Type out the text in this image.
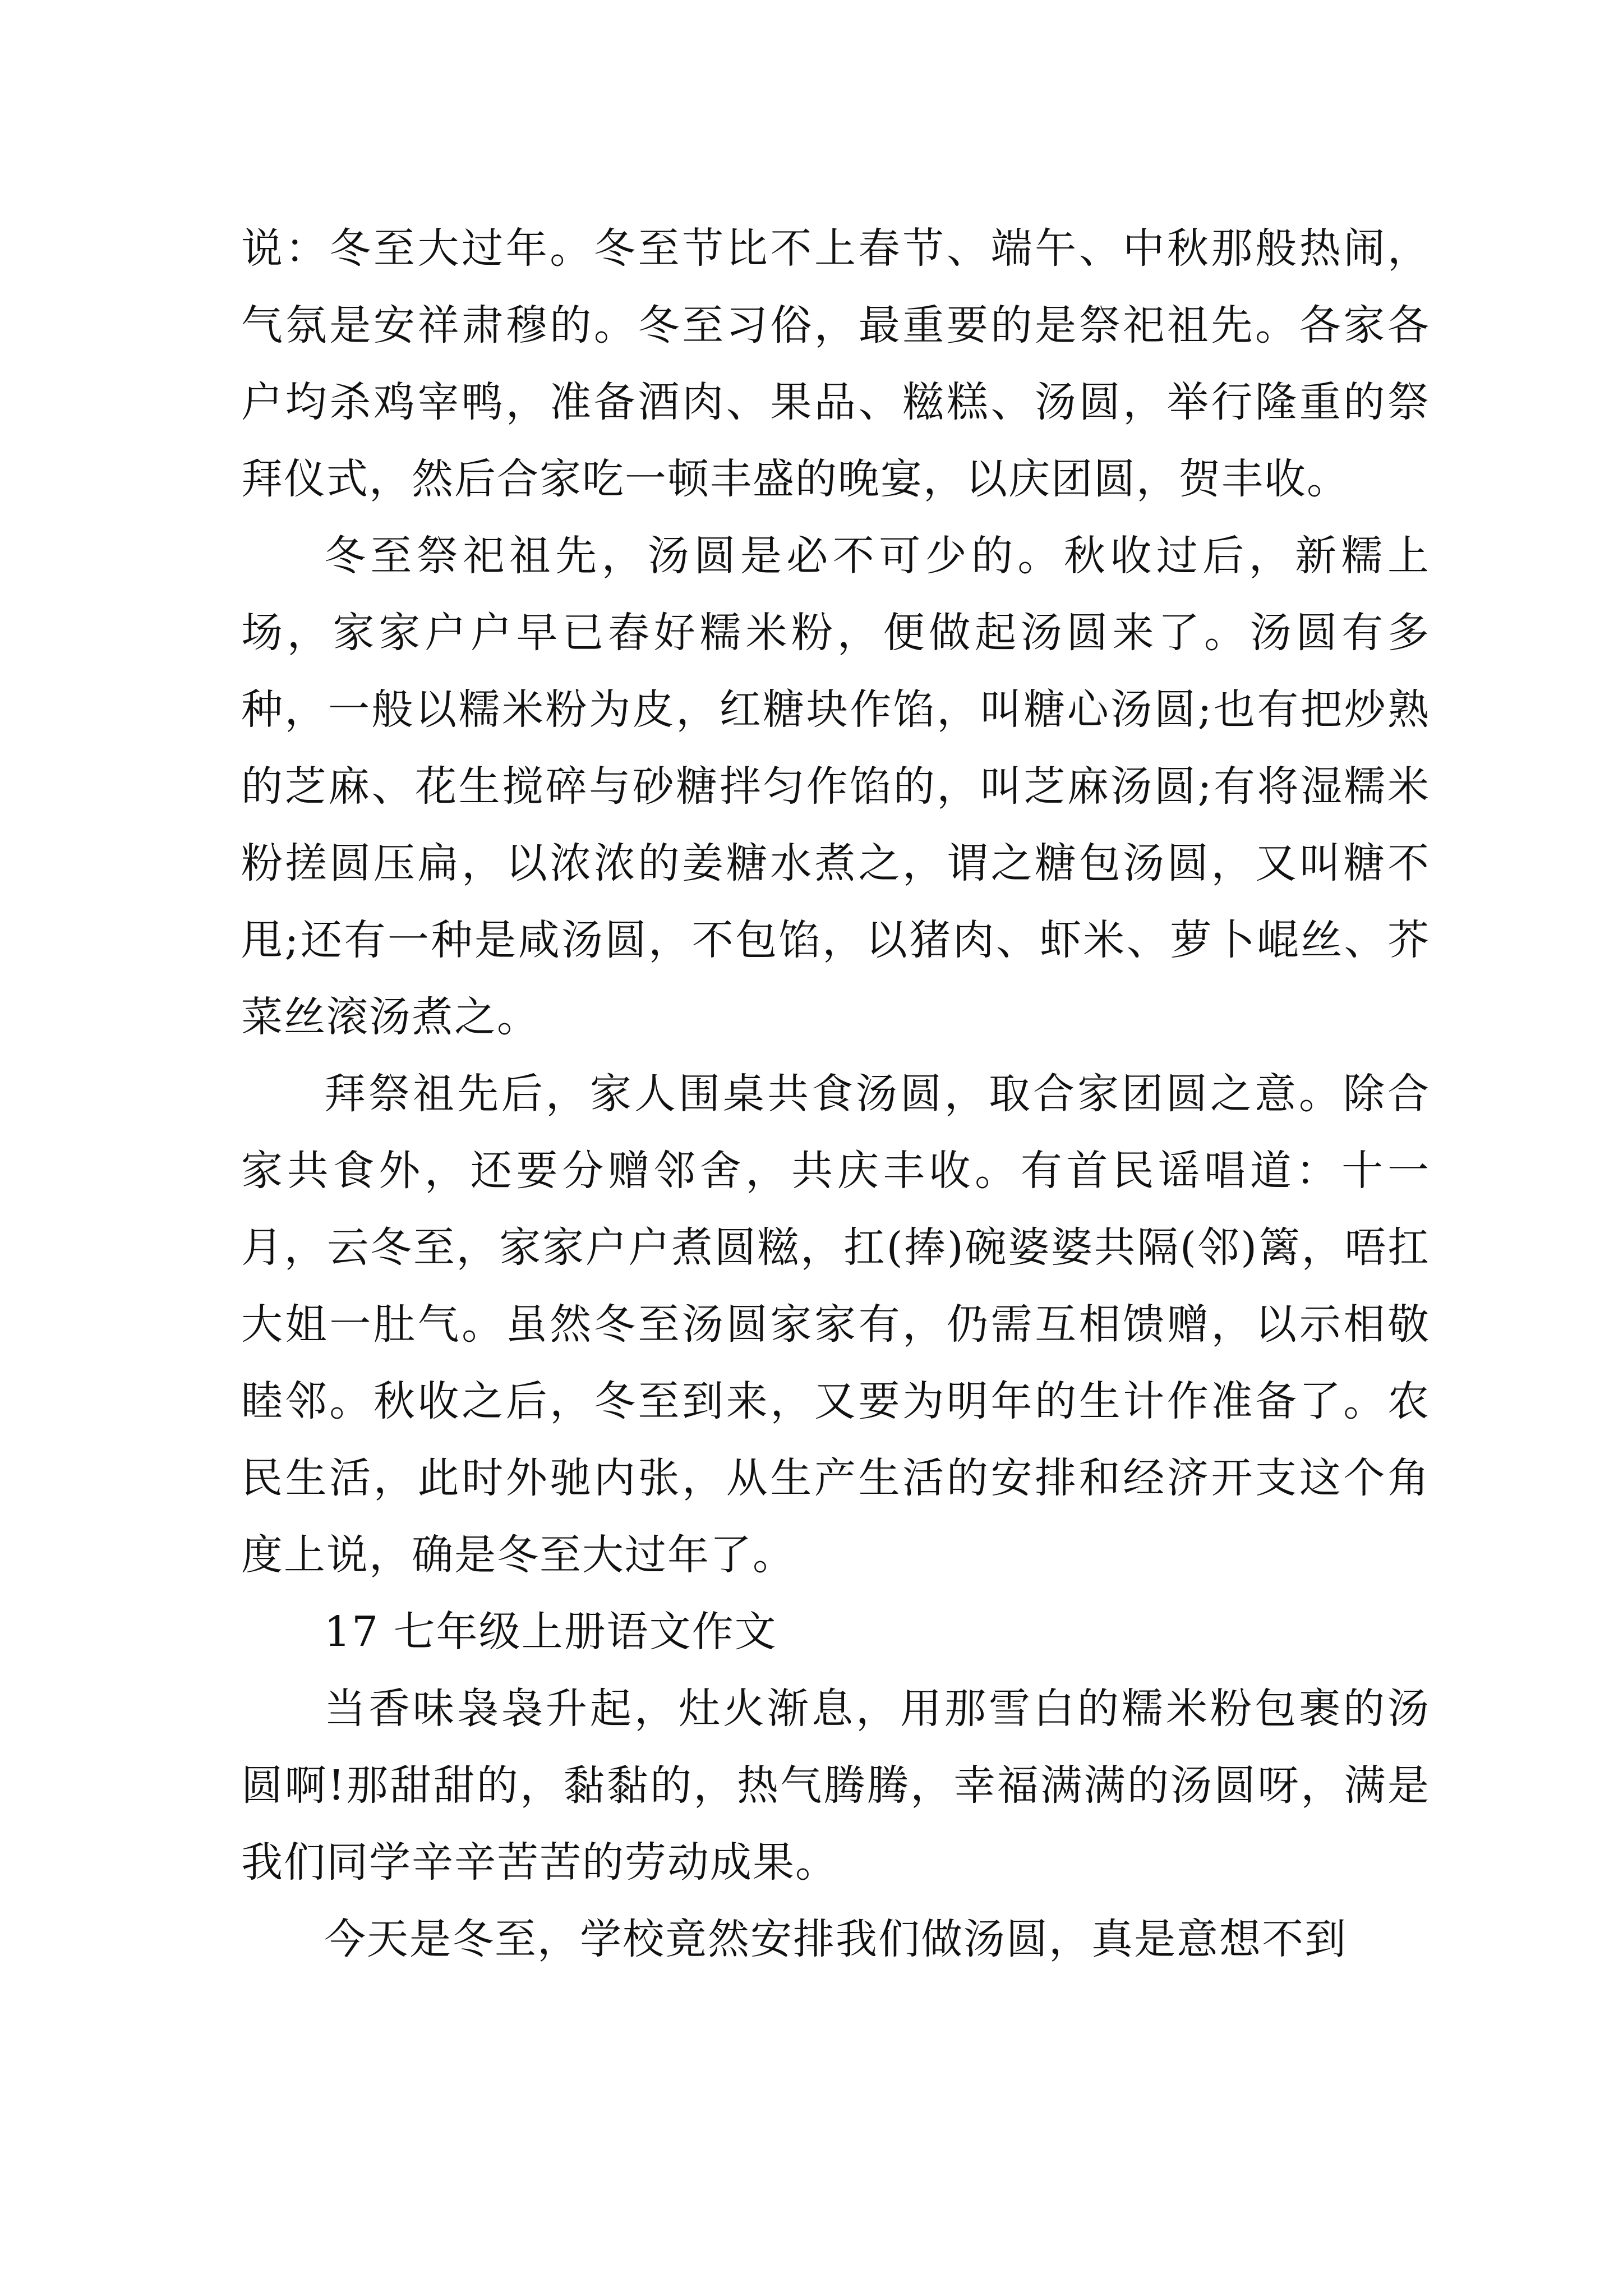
说：冬至大过年。冬至节比不上春节、端午、中秋那般热闹，气氛是安祥肃穆的。冬至习俗，最重要的是祭祀祖先。各家各户均杀鸡宰鸭，准备酒肉、果品、糍糕、汤圆，举行隆重的祭拜仪式，然后合家吃一顿丰盛的晚宴，以庆团圆，贺丰收。

冬至祭祀祖先，汤圆是必不可少的。秋收过后，新糯上场，家家户户早已舂好糯米粉，便做起汤圆来了。汤圆有多种，一般以糯米粉为皮，红糖块作馅，叫糖心汤圆;也有把炒熟的芝麻、花生搅碎与砂糖拌匀作馅的，叫芝麻汤圆;有将湿糯米粉搓圆压扁，以浓浓的姜糖水煮之，谓之糖包汤圆，又叫糖不甩;还有一种是咸汤圆，不包馅，以猪肉、虾米、萝卜崐丝、芥菜丝滚汤煮之。

拜祭祖先后，家人围桌共食汤圆，取合家团圆之意。除合家共食外，还要分赠邻舍，共庆丰收。有首民谣唱道：十一月，云冬至，家家户户煮圆糍，扛(捧)碗婆婆共隔(邻)篱，唔扛大姐一肚气。虽然冬至汤圆家家有，仍需互相馈赠，以示相敬睦邻。秋收之后，冬至到来，又要为明年的生计作准备了。农民生活，此时外驰内张，从生产生活的安排和经济开支这个角度上说，确是冬至大过年了。

17 七年级上册语文作文

当香味袅袅升起，灶火渐息，用那雪白的糯米粉包裹的汤圆啊!那甜甜的，黏黏的，热气腾腾，幸福满满的汤圆呀，满是我们同学辛辛苦苦的劳动成果。

今天是冬至，学校竟然安排我们做汤圆，真是意想不到
